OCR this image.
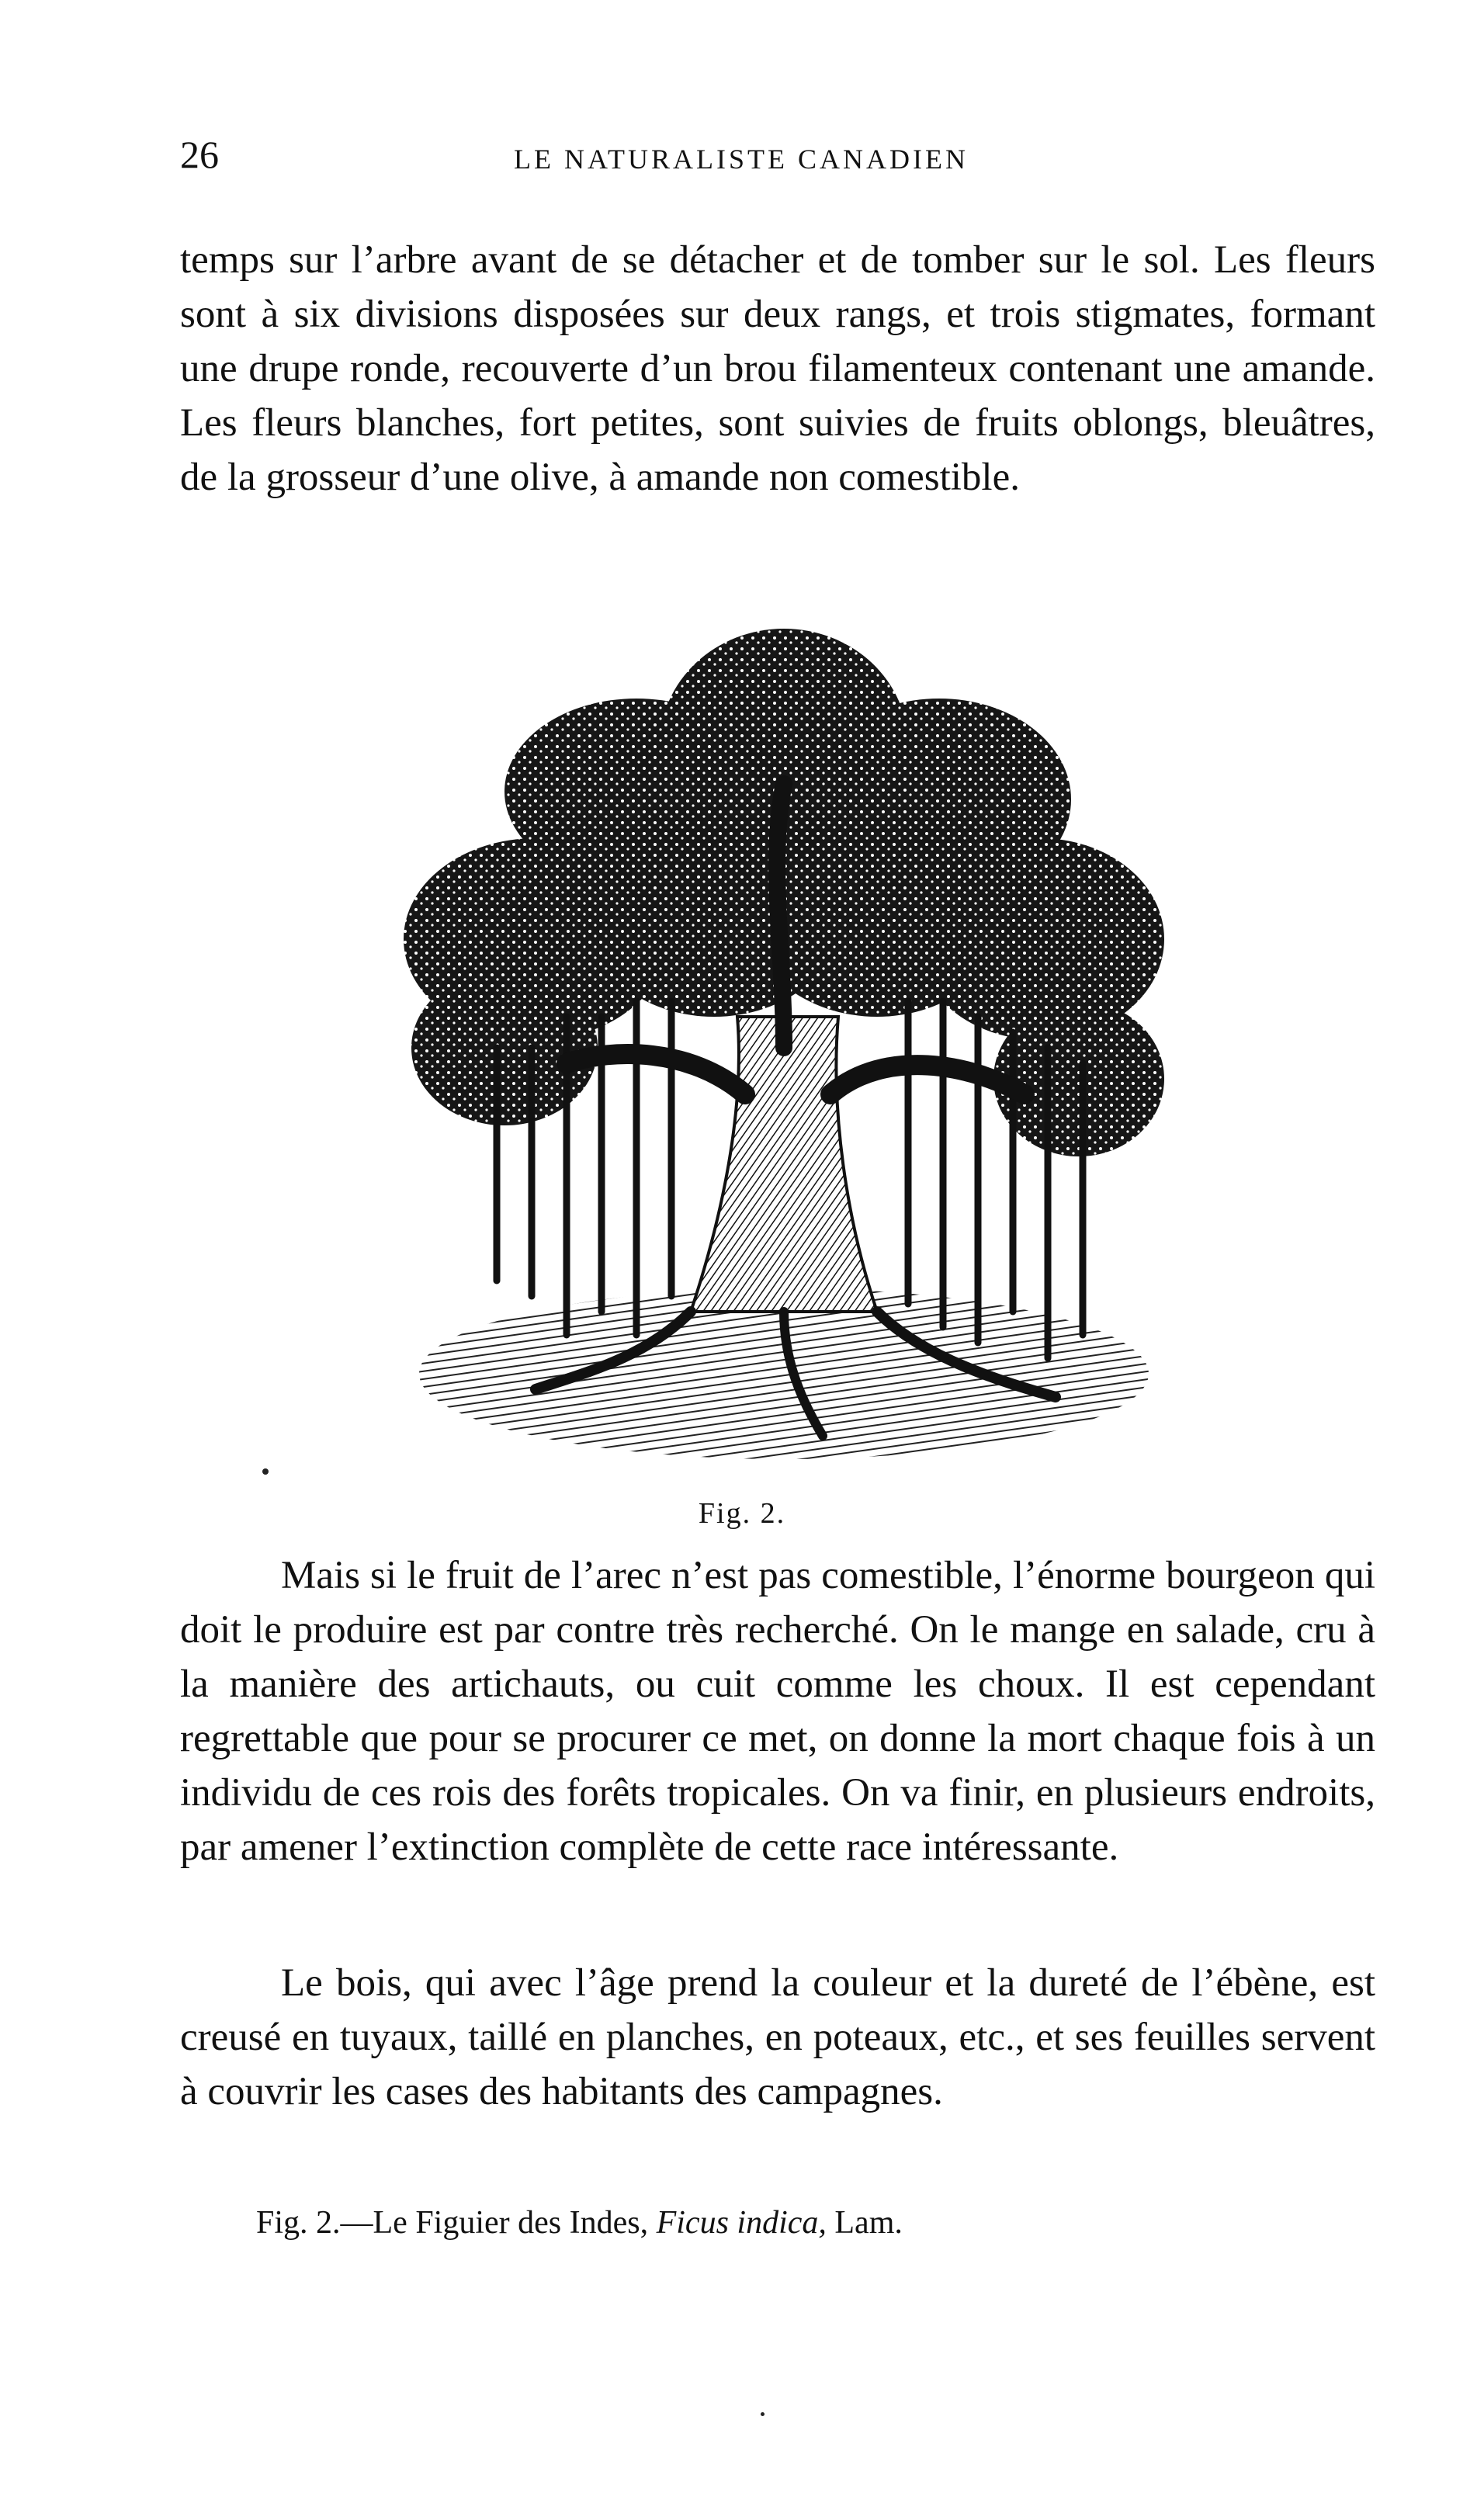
26	LE NATURALISTE CANADIEN

temps sur l’arbre avant de se détacher et de tomber sur le sol. Les fleurs sont à six divisions disposées sur deux rangs, et trois stigmates, formant une drupe ronde, recouverte d’un brou filamenteux contenant une amande. Les fleurs blanches, fort petites, sont suivies de fruits oblongs, bleuâtres, de la grosseur d’une olive, à amande non comestible.

Fig. 2.

Mais si le fruit de l’arec n’est pas comestible, l’énorme bourgeon qui doit le produire est par contre très recherché. On le mange en salade, cru à la manière des artichauts, ou cuit comme les choux. Il est cependant regrettable que pour se procurer ce met, on donne la mort chaque fois à un individu de ces rois des forêts tropicales. On va finir, en plusieurs endroits, par amener l’extinction complète de cette race intéressante.

Le bois, qui avec l’âge prend la couleur et la dureté de l’ébène, est creusé en tuyaux, taillé en planches, en poteaux, etc., et ses feuilles servent à couvrir les cases des habitants des campagnes.

Fig. 2.—Le Figuier des Indes, Ficus indica, Lam.
